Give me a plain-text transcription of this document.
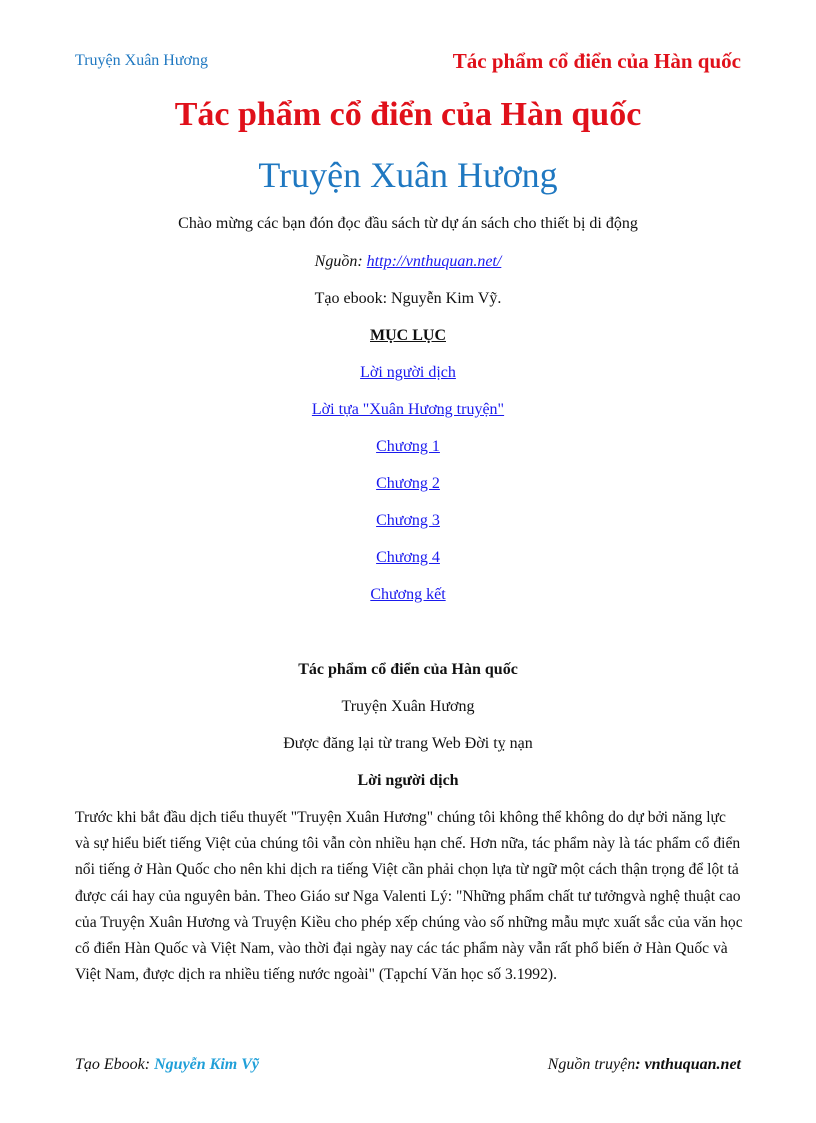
Truyện Xuân Hương	Tác phẩm cổ điển của Hàn quốc
Tác phẩm cổ điển của Hàn quốc
Truyện Xuân Hương
Chào mừng các bạn đón đọc đầu sách từ dự án sách cho thiết bị di động
Nguồn: http://vnthuquan.net/
Tạo ebook: Nguyễn Kim Vỹ.
MỤC LỤC
Lời người dịch
Lời tựa "Xuân Hương truyện"
Chương 1
Chương 2
Chương 3
Chương 4
Chương kết
Tác phẩm cổ điển của Hàn quốc
Truyện Xuân Hương
Được đăng lại từ trang Web Đời tỵ nạn
Lời người dịch
Trước khi bắt đầu dịch tiểu thuyết "Truyện Xuân Hương" chúng tôi không thể không do dự bởi năng lực và sự hiểu biết tiếng Việt của chúng tôi vẫn còn nhiều hạn chế. Hơn nữa, tác phẩm này là tác phẩm cổ điển nổi tiếng ở Hàn Quốc cho nên khi dịch ra tiếng Việt cần phải chọn lựa từ ngữ một cách thận trọng để lột tả được cái hay của nguyên bản. Theo Giáo sư Nga Valenti Lý: "Những phẩm chất tư tưởngvà nghệ thuật cao của Truyện Xuân Hương và Truyện Kiều cho phép xếp chúng vào số những mẫu mực xuất sắc của văn học cổ điển Hàn Quốc và Việt Nam, vào thời đại ngày nay các tác phẩm này vẫn rất phổ biến ở Hàn Quốc và Việt Nam, được dịch ra nhiều tiếng nước ngoài" (Tạpchí Văn học số 3.1992).
Tạo Ebook: Nguyễn Kim Vỹ	Nguồn truyện: vnthuquan.net
